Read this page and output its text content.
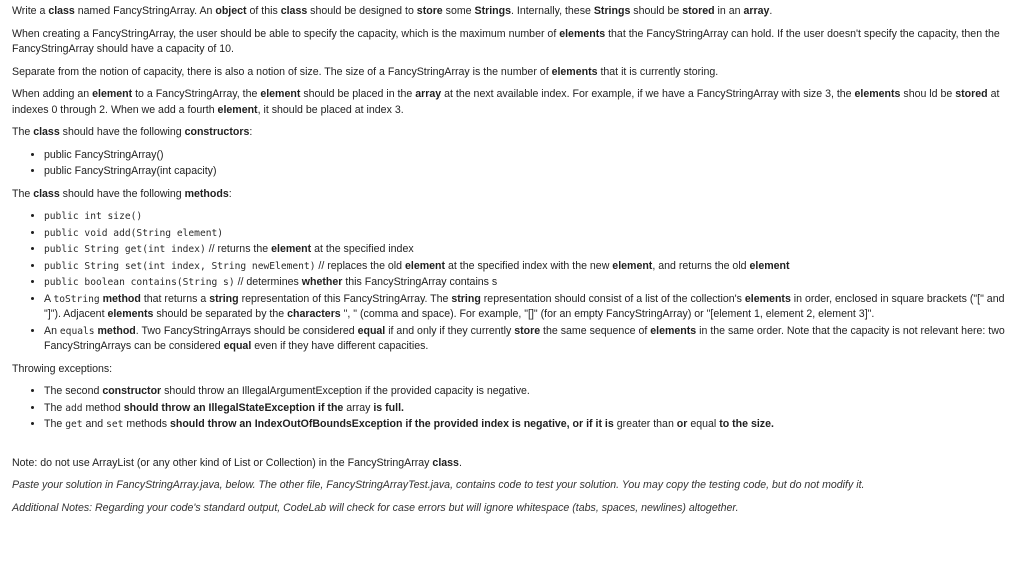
Write a class named FancyStringArray. An object of this class should be designed to store some Strings. Internally, these Strings should be stored in an array.

When creating a FancyStringArray, the user should be able to specify the capacity, which is the maximum number of elements that the FancyStringArray can hold. If the user doesn't specify the capacity, then the FancyStringArray should have a capacity of 10.

Separate from the notion of capacity, there is also a notion of size. The size of a FancyStringArray is the number of elements that it is currently storing.

When adding an element to a FancyStringArray, the element should be placed in the array at the next available index. For example, if we have a FancyStringArray with size 3, the elements shou ld be stored at indexes 0 through 2. When we add a fourth element, it should be placed at index 3.

The class should have the following constructors:

• public FancyStringArray()
• public FancyStringArray(int capacity)

The class should have the following methods:

• public int size()
• public void add(String element)
• public String get(int index) // returns the element at the specified index
• public String set(int index, String newElement) // replaces the old element at the specified index with the new element, and returns the old element
• public boolean contains(String s) // determines whether this FancyStringArray contains s
• A toString method that returns a string representation of this FancyStringArray. The string representation should consist of a list of the collection's elements in order, enclosed in square brackets ("[" and "]"). Adjacent elements should be separated by the characters ", " (comma and space). For example, "[]" (for an empty FancyStringArray) or "[element 1, element 2, element 3]".
• An equals method. Two FancyStringArrays should be considered equal if and only if they currently store the same sequence of elements in the same order. Note that the capacity is not relevant here: two FancyStringArrays can be considered equal even if they have different capacities.

Throwing exceptions:

• The second constructor should throw an IllegalArgumentException if the provided capacity is negative.
• The add method should throw an IllegalStateException if the array is full.
• The get and set methods should throw an IndexOutOfBoundsException if the provided index is negative, or if it is greater than or equal to the size.

Note: do not use ArrayList (or any other kind of List or Collection) in the FancyStringArray class.

Paste your solution in FancyStringArray.java, below. The other file, FancyStringArrayTest.java, contains code to test your solution. You may copy the testing code, but do not modify it.

Additional Notes: Regarding your code's standard output, CodeLab will check for case errors but will ignore whitespace (tabs, spaces, newlines) altogether.
